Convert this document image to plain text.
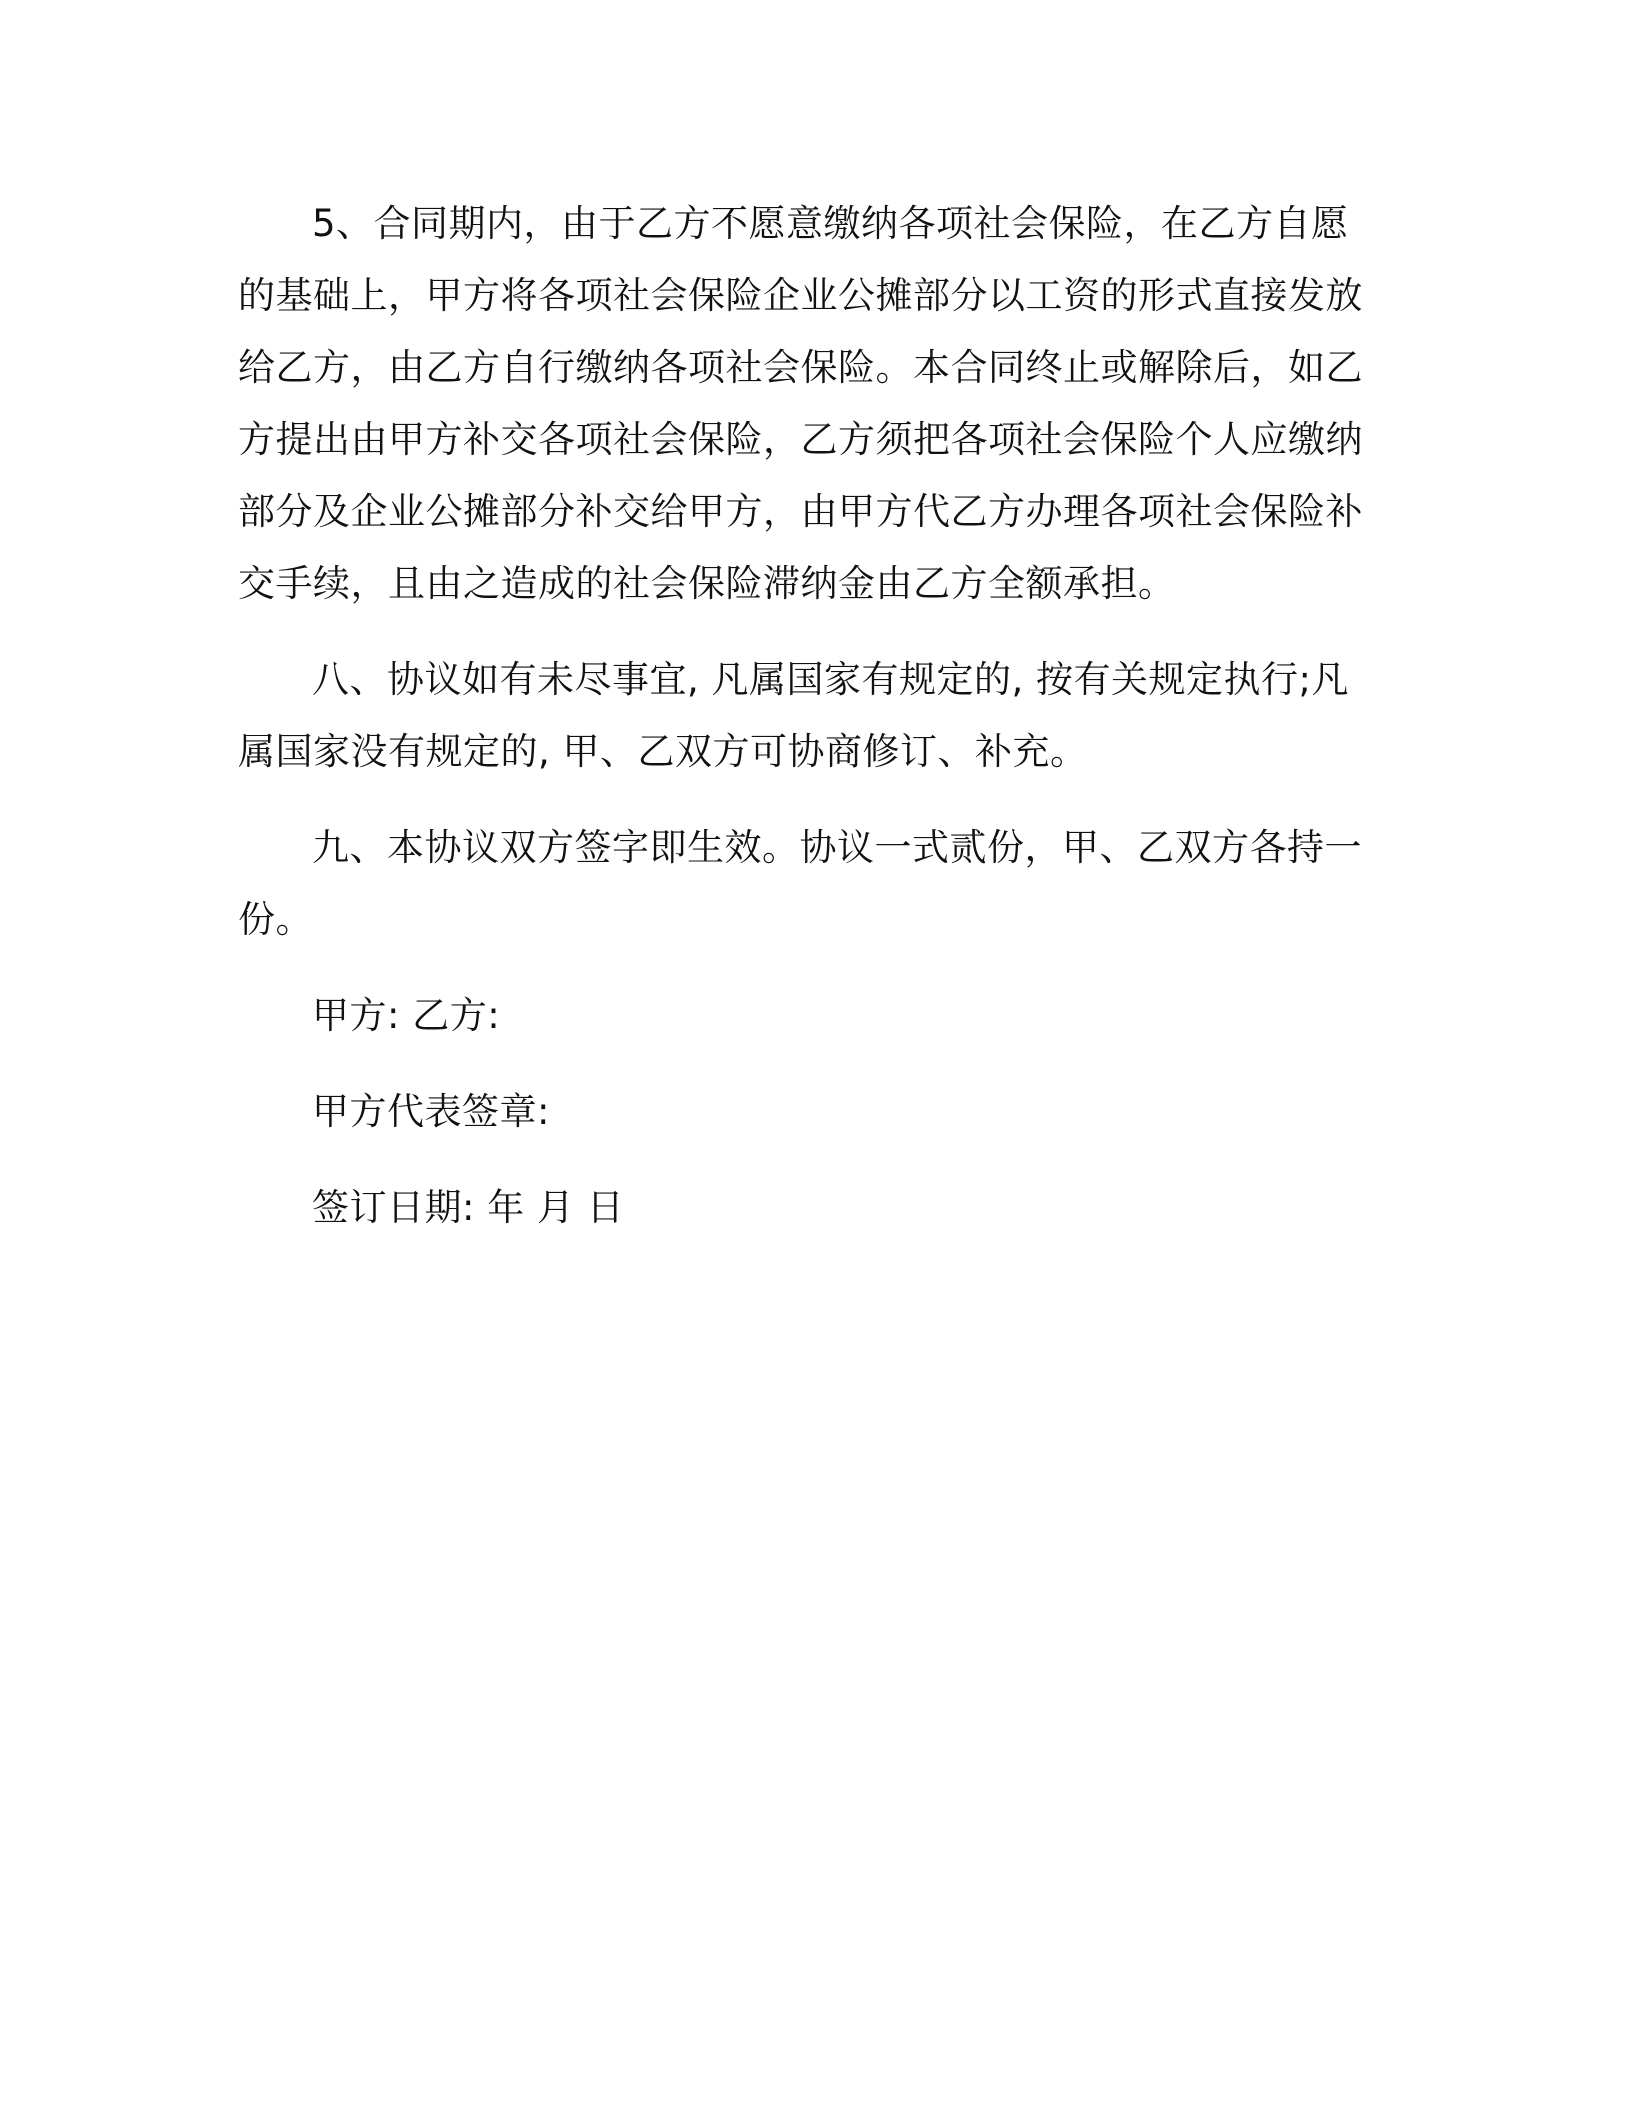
5、合同期内，由于乙方不愿意缴纳各项社会保险，在乙方自愿的基础上，甲方将各项社会保险企业公摊部分以工资的形式直接发放给乙方，由乙方自行缴纳各项社会保险。本合同终止或解除后，如乙方提出由甲方补交各项社会保险，乙方须把各项社会保险个人应缴纳部分及企业公摊部分补交给甲方，由甲方代乙方办理各项社会保险补交手续，且由之造成的社会保险滞纳金由乙方全额承担。

八、协议如有未尽事宜, 凡属国家有规定的, 按有关规定执行;凡属国家没有规定的, 甲、乙双方可协商修订、补充。

九、本协议双方签字即生效。协议一式贰份，甲、乙双方各持一份。

甲方: 乙方:

甲方代表签章:

签订日期: 年 月 日
